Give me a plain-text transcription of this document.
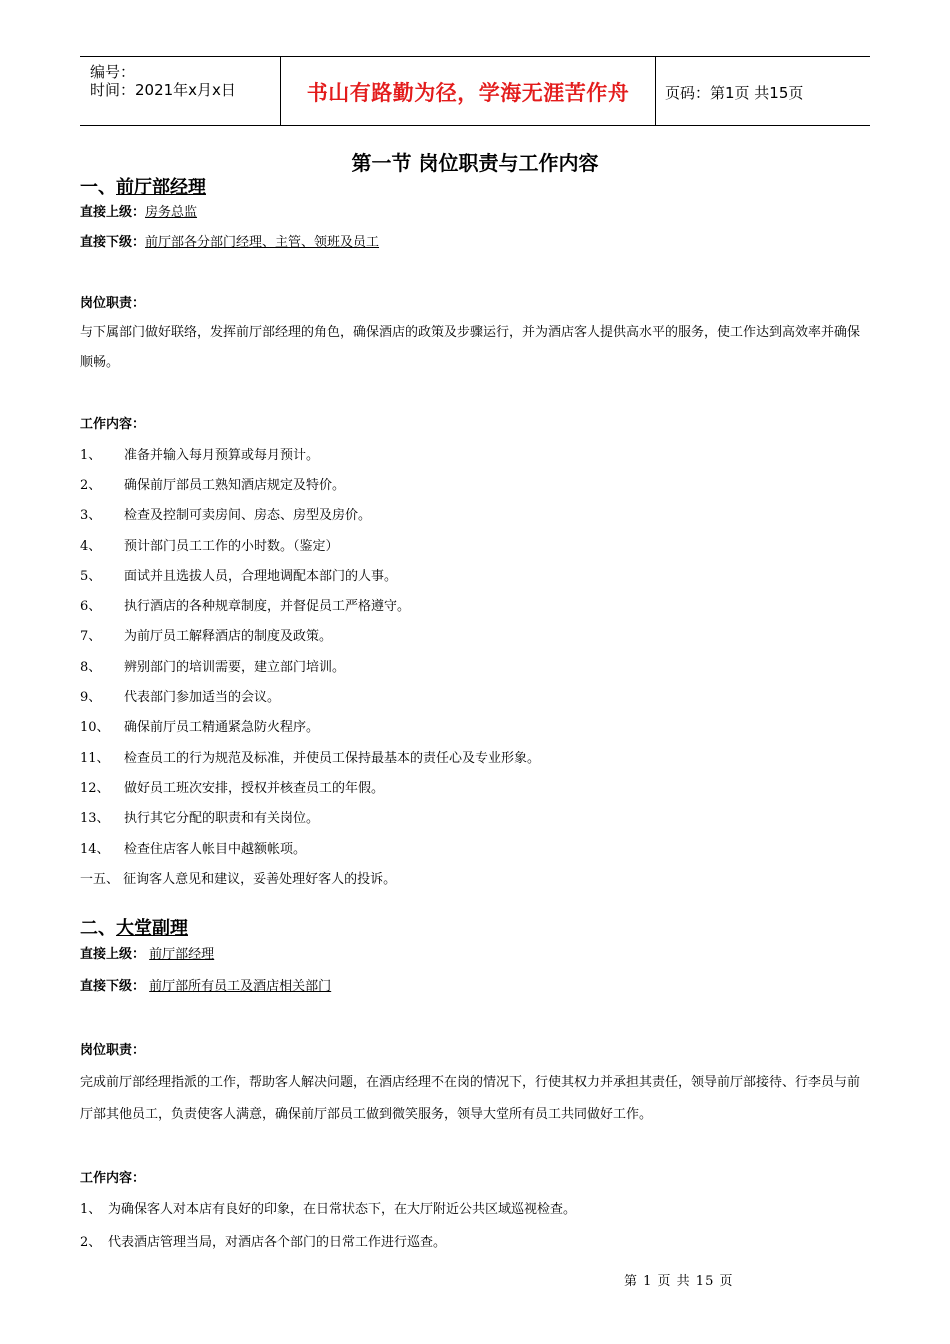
编号：
时间：2021年x月x日	书山有路勤为径，学海无涯苦作舟	页码：第1页 共15页
第一节 岗位职责与工作内容
一、前厅部经理
直接上级：房务总监
直接下级：前厅部各分部门经理、主管、领班及员工
岗位职责：
与下属部门做好联络，发挥前厅部经理的角色，确保酒店的政策及步骤运行，并为酒店客人提供高水平的服务，使工作达到高效率并确保顺畅。
工作内容：
1、 准备并输入每月预算或每月预计。
2、 确保前厅部员工熟知酒店规定及特价。
3、 检查及控制可卖房间、房态、房型及房价。
4、 预计部门员工工作的小时数。（鉴定）
5、 面试并且选拔人员，合理地调配本部门的人事。
6、 执行酒店的各种规章制度，并督促员工严格遵守。
7、 为前厅员工解释酒店的制度及政策。
8、 辨别部门的培训需要，建立部门培训。
9、 代表部门参加适当的会议。
10、 确保前厅员工精通紧急防火程序。
11、 检查员工的行为规范及标准，并使员工保持最基本的责任心及专业形象。
12、 做好员工班次安排，授权并核查员工的年假。
13、 执行其它分配的职责和有关岗位。
14、 检查住店客人帐目中越额帐项。
一五、 征询客人意见和建议，妥善处理好客人的投诉。
二、大堂副理
直接上级： 前厅部经理
直接下级： 前厅部所有员工及酒店相关部门
岗位职责：
完成前厅部经理指派的工作，帮助客人解决问题，在酒店经理不在岗的情况下，行使其权力并承担其责任，领导前厅部接待、行李员与前厅部其他员工，负责使客人满意，确保前厅部员工做到微笑服务，领导大堂所有员工共同做好工作。
工作内容：
1、 为确保客人对本店有良好的印象，在日常状态下，在大厅附近公共区域巡视检查。
2、 代表酒店管理当局，对酒店各个部门的日常工作进行巡查。
第 1 页 共 15 页
